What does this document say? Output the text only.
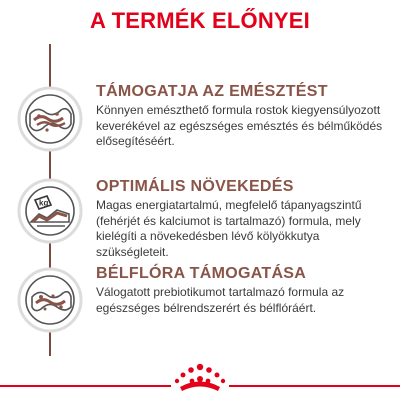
A TERMÉK ELŐNYEI
kg
TÁMOGATJA AZ EMÉSZTÉST
Könnyen emészthető formula rostok kiegyensúlyozott keverékével az egészséges emésztés és bélműködés elősegítéséért.
OPTIMÁLIS NÖVEKEDÉS
Magas energiatartalmú, megfelelő tápanyagszintű (fehérjét és kalciumot is tartalmazó) formula, mely kielégíti a növekedésben lévő kölyökkutya szükségleteit.
BÉLFLÓRA TÁMOGATÁSA
Válogatott prebiotikumot tartalmazó formula az egészséges bélrendszerért és bélflóráért.
